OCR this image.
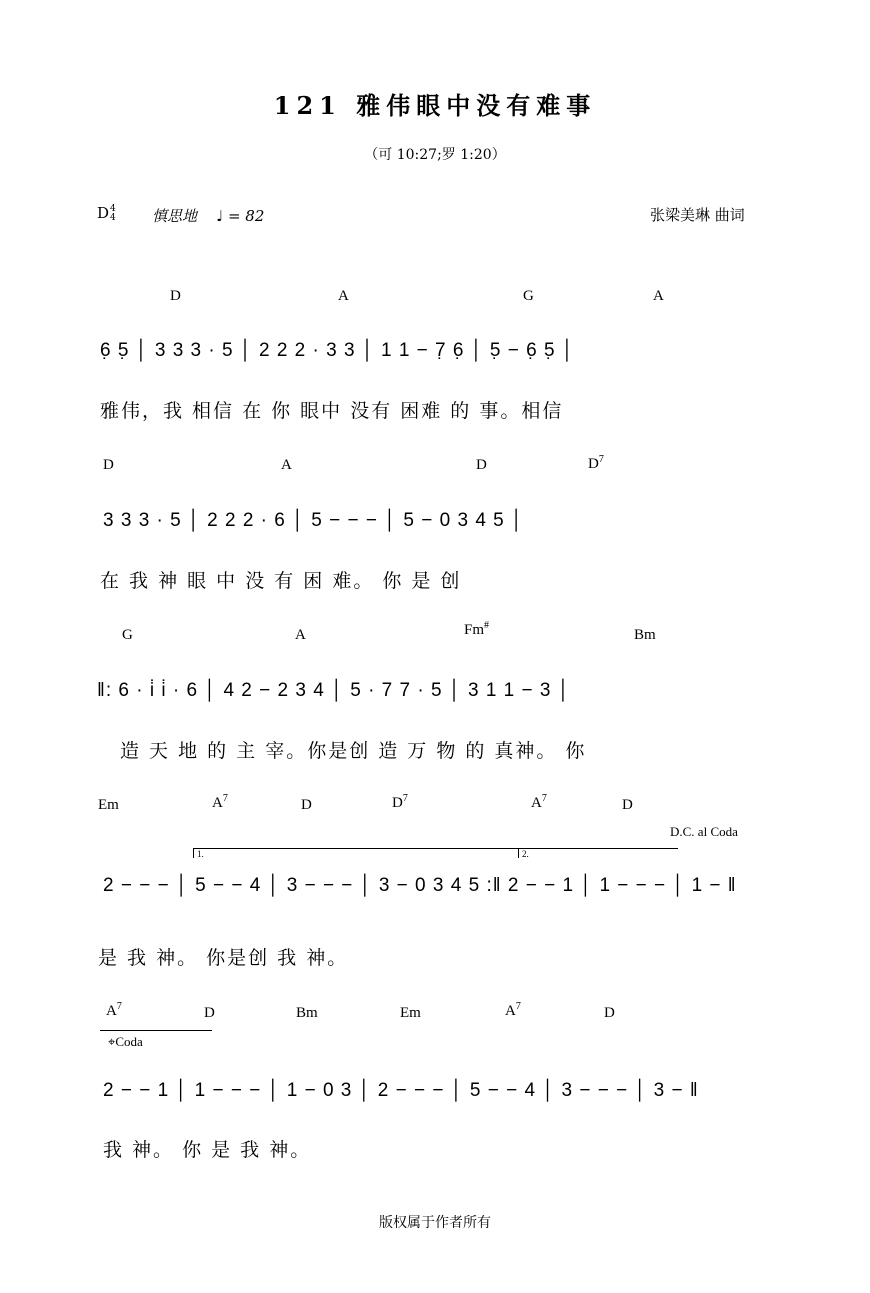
121 雅伟眼中没有难事
（可 10:27;罗 1:20）
D4
4 慎思地 ♩ = 82	张梁美琳 曲词
D	A	G	A
6̣ 5̣ │ 3 3 3 · 5 │ 2 2 2 · 3 3 │ 1 1 − 7̣ 6̣ │ 5̣ − 6̣ 5̣ │
雅伟，我 相信 在 你 眼中 没有 困难 的 事。相信
D	A	D	$D^7$
3 3 3 · 5 │ 2 2 2 · 6 │ 5 − − − │ 5 − 0 3 4 5 │
在 我 神 眼 中 没 有 困 难。 你 是 创
G	A	Fm#
Bm
‖: 6 · i̇ i̇ · 6 │ 4 2 − 2 3 4 │ 5 · 7 7 · 5 │ 3 1 1 − 3 │
造 天 地 的 主 宰。你是创 造 万 物 的 真神。 你
Em	$A^7$	D	$D^7$	$A^7$	D
D.C. al Coda
1.	2.
2 − − − │ 5 − − 4 │ 3 − − − │ 3 − 0 3 4 5 :‖ 2 − − 1 │ 1 − − − │ 1 − ‖
是 我 神。 你是创 我 神。
$A^7$	D	Bm	Em	$A^7$	D
⌖Coda
2 − − 1 │ 1 − − − │ 1 − 0 3 │ 2 − − − │ 5 − − 4 │ 3 − − − │ 3 − ‖
我 神。 你 是 我 神。
版权属于作者所有
